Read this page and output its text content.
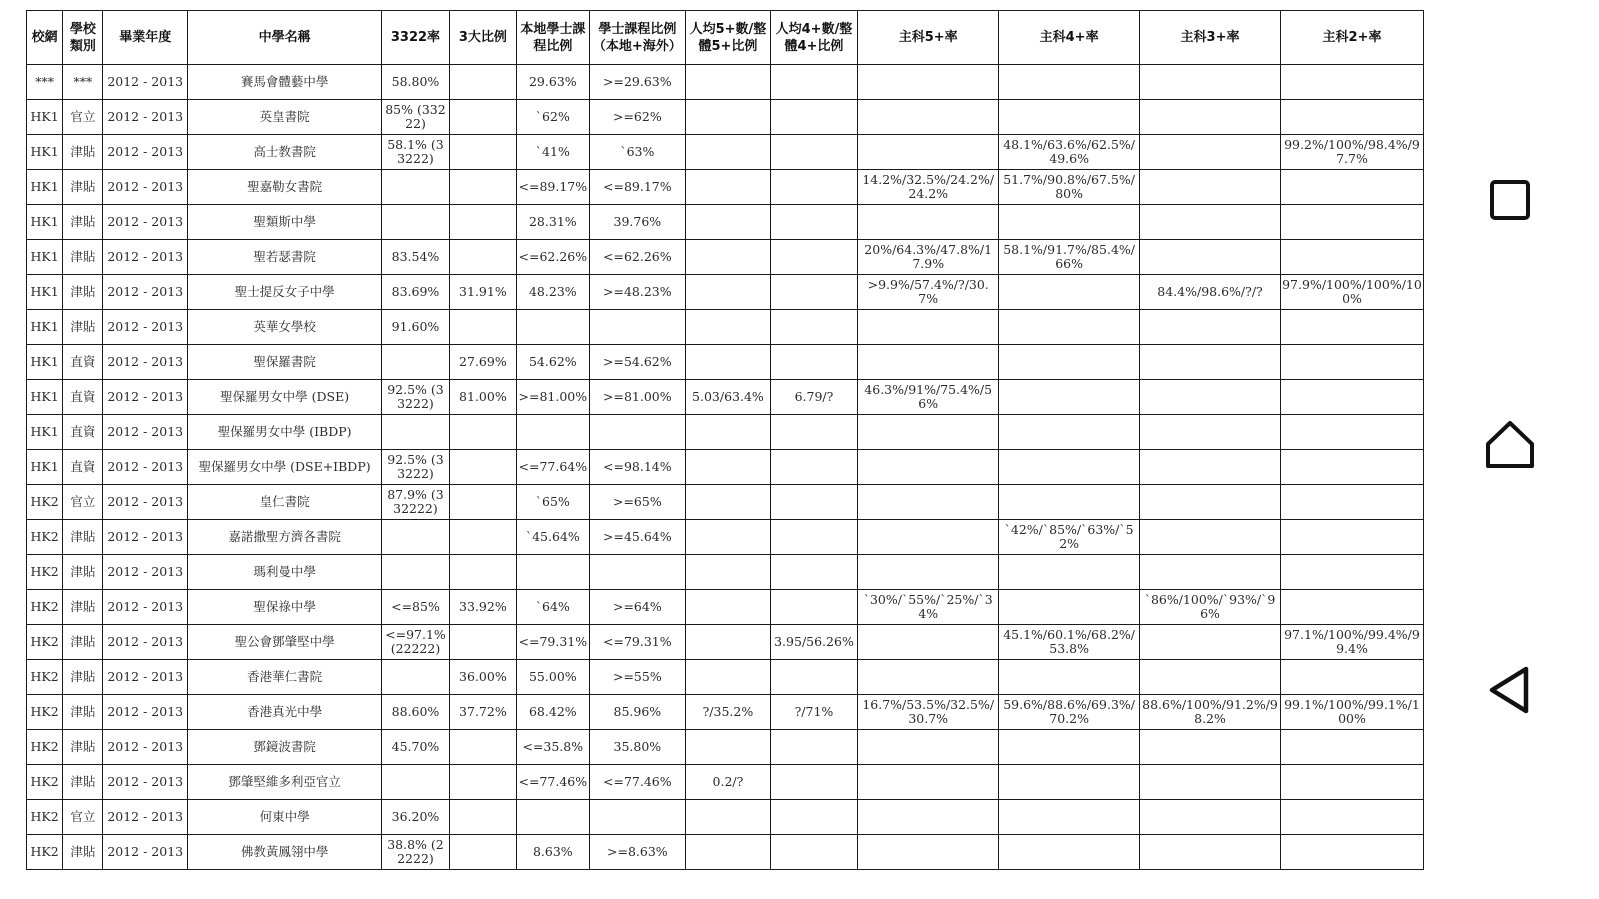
校網	學校類別	畢業年度	中學名稱	3322率	3大比例	本地學士課程比例	學士課程比例（本地+海外）	人均5+數/整體5+比例	人均4+數/整體4+比例	主科5+率	主科4+率	主科3+率	主科2+率
***	***	2012 - 2013	賽馬會體藝中學	58.80%		29.63%	>=29.63%						
HK1	官立	2012 - 2013	英皇書院	85% (33222)		`62%	>=62%						
HK1	津貼	2012 - 2013	高士教書院	58.1% (33222)		`41%	`63%				48.1%/63.6%/62.5%/49.6%		99.2%/100%/98.4%/97.7%
HK1	津貼	2012 - 2013	聖嘉勒女書院			<=89.17%	<=89.17%			14.2%/32.5%/24.2%/24.2%	51.7%/90.8%/67.5%/80%		
HK1	津貼	2012 - 2013	聖類斯中學			28.31%	39.76%						
HK1	津貼	2012 - 2013	聖若瑟書院	83.54%		<=62.26%	<=62.26%			20%/64.3%/47.8%/17.9%	58.1%/91.7%/85.4%/66%		
HK1	津貼	2012 - 2013	聖士提反女子中學	83.69%	31.91%	48.23%	>=48.23%			>9.9%/57.4%/?/30.7%		84.4%/98.6%/?/?	97.9%/100%/100%/100%
HK1	津貼	2012 - 2013	英華女學校	91.60%									
HK1	直資	2012 - 2013	聖保羅書院		27.69%	54.62%	>=54.62%						
HK1	直資	2012 - 2013	聖保羅男女中學 (DSE)	92.5% (33222)	81.00%	>=81.00%	>=81.00%	5.03/63.4%	6.79/?	46.3%/91%/75.4%/56%			
HK1	直資	2012 - 2013	聖保羅男女中學 (IBDP)										
HK1	直資	2012 - 2013	聖保羅男女中學 (DSE+IBDP)	92.5% (33222)		<=77.64%	<=98.14%						
HK2	官立	2012 - 2013	皇仁書院	87.9% (332222)		`65%	>=65%						
HK2	津貼	2012 - 2013	嘉諾撒聖方濟各書院			`45.64%	>=45.64%				`42%/`85%/`63%/`52%		
HK2	津貼	2012 - 2013	瑪利曼中學										
HK2	津貼	2012 - 2013	聖保祿中學	<=85%	33.92%	`64%	>=64%			`30%/`55%/`25%/`34%		`86%/100%/`93%/`96%	
HK2	津貼	2012 - 2013	聖公會鄧肇堅中學	<=97.1% (22222)		<=79.31%	<=79.31%		3.95/56.26%		45.1%/60.1%/68.2%/53.8%		97.1%/100%/99.4%/99.4%
HK2	津貼	2012 - 2013	香港華仁書院		36.00%	55.00%	>=55%						
HK2	津貼	2012 - 2013	香港真光中學	88.60%	37.72%	68.42%	85.96%	?/35.2%	?/71%	16.7%/53.5%/32.5%/30.7%	59.6%/88.6%/69.3%/70.2%	88.6%/100%/91.2%/98.2%	99.1%/100%/99.1%/100%
HK2	津貼	2012 - 2013	鄧鏡波書院	45.70%		<=35.8%	35.80%						
HK2	津貼	2012 - 2013	鄧肇堅維多利亞官立			<=77.46%	<=77.46%	0.2/?					
HK2	官立	2012 - 2013	何東中學	36.20%									
HK2	津貼	2012 - 2013	佛教黃鳳翎中學	38.8% (22222)		8.63%	>=8.63%						
